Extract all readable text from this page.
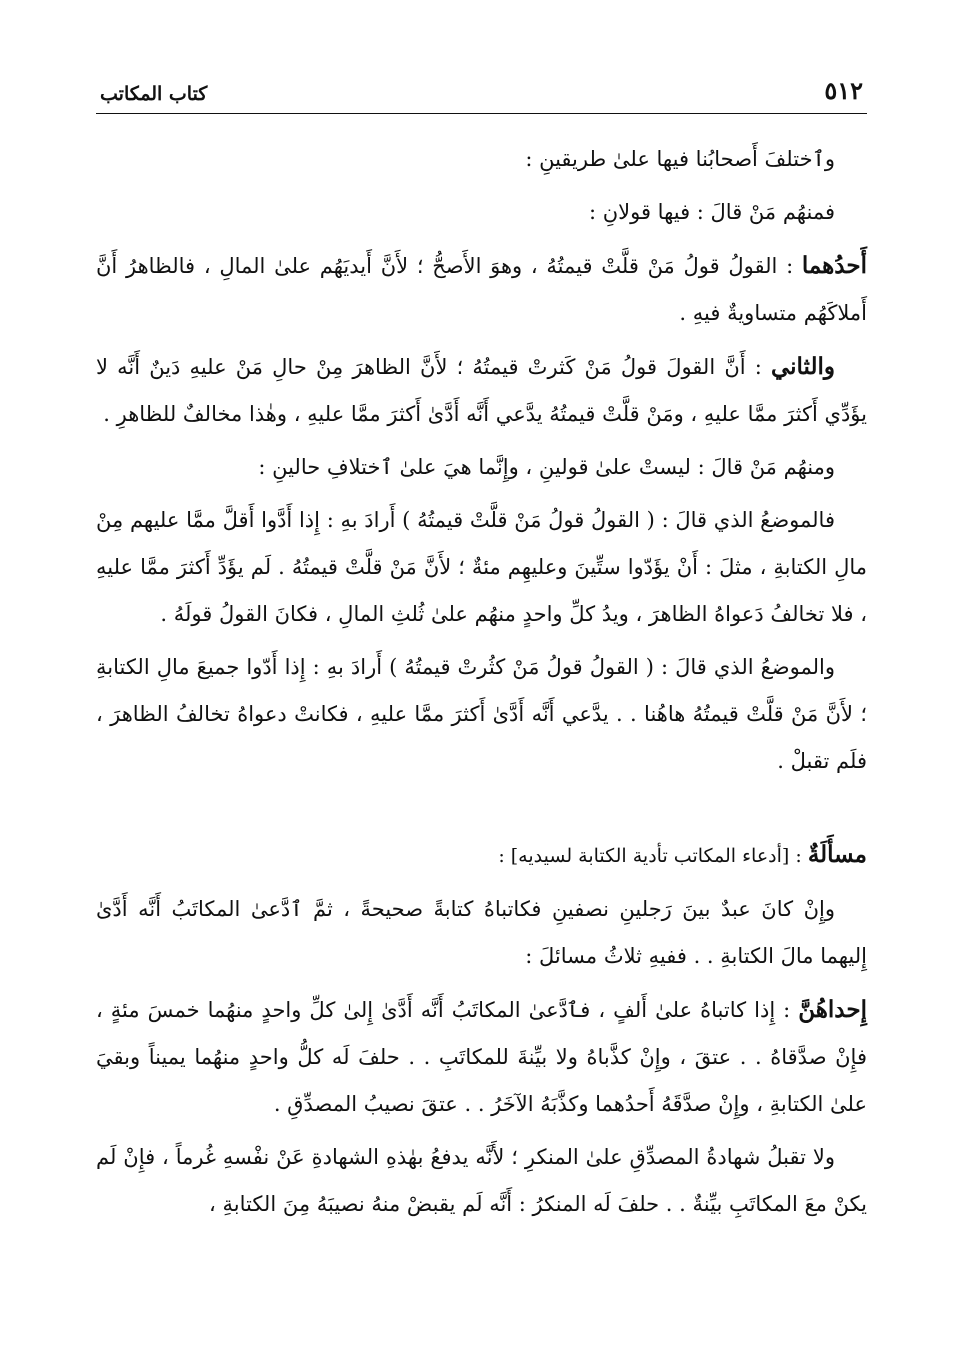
٥١٢
كتاب المكاتب

وٱختلفَ أَصحابُنا فيها علىٰ طريقينِ :

فمنهُم مَنْ قالَ : فيها قولانِ :

أَحدُهما : القولُ قولُ مَنْ قلَّتْ قيمتُهُ ، وهوَ الأَصحُّ ؛ لأَنَّ أَيديَهُم علىٰ المالِ ، فالظاهرُ أَنَّ أَملاكَهُم متساويةٌ فيهِ .

والثاني : أَنَّ القولَ قولُ مَنْ كَثرتْ قيمتُهُ ؛ لأَنَّ الظاهرَ مِنْ حالِ مَنْ عليهِ دَينٌ أَنَّه لا يؤَدِّي أَكثرَ ممَّا عليهِ ، ومَنْ قلَّتْ قيمتُهُ يدَّعي أَنَّه أَدَّىٰ أَكثرَ ممَّا عليهِ ، وهٰذا مخالفٌ للظاهرِ .

ومنهُم مَنْ قالَ : ليستْ علىٰ قولينِ ، وإِنَّما هيَ علىٰ ٱختلافِ حالينِ :

فالموضعُ الذي قالَ : ( القولُ قولُ مَنْ قلَّتْ قيمتُهُ ) أَرادَ بهِ : إِذا أَدَّوا أَقلَّ ممَّا عليهم مِنْ مالِ الكتابةِ ، مثلَ : أَنْ يؤَدّوا ستِّينَ وعليهِم مئةٌ ؛ لأَنَّ مَنْ قلَّتْ قيمتُهُ . لَم يؤَدِّ أَكثرَ ممَّا عليهِ ، فلا تخالفُ دَعواهُ الظاهرَ ، ويدُ كلِّ واحدٍ منهُم علىٰ ثُلثِ المالِ ، فكانَ القولُ قولَهُ .

والموضعُ الذي قالَ : ( القولُ قولُ مَنْ كثُرتْ قيمتُهُ ) أَرادَ بهِ : إِذا أَدّوا جميعَ مالِ الكتابةِ ؛ لأَنَّ مَنْ قلَّتْ قيمتُهُ هاهُنا . . يدَّعي أَنَّه أَدَّىٰ أَكثرَ ممَّا عليهِ ، فكانتْ دعواهُ تخالفُ الظاهرَ ، فلَم تقبلْ .

مسأَلَةٌ : [أدعاء المكاتب تأدية الكتابة لسيديه] :

وإِنْ كانَ عبدٌ بينَ رَجلينِ نصفينِ فكاتباهُ كتابةً صحيحةً ، ثمَّ ٱدَّعىٰ المكاتَبُ أَنَّه أَدَّىٰ إِليهما مالَ الكتابةِ . . ففيهِ ثلاثُ مسائلَ :

إِحداهُنَّ : إِذا كاتباهُ علىٰ أَلفٍ ، فٱدَّعىٰ المكاتَبُ أَنَّه أَدَّىٰ إِلىٰ كلِّ واحدٍ منهُما خمسَ مئةٍ ، فإِنْ صدَّقاهُ . . عتقَ ، وإِنْ كذَّباهُ ولا بيِّنةَ للمكاتَبِ . . حلفَ لَه كلُّ واحدٍ منهُما يميناً وبقيَ علىٰ الكتابةِ ، وإِنْ صدَّقَهُ أَحدُهما وكذَّبَهُ الآخَرُ . . عتقَ نصيبُ المصدِّقِ .

ولا تقبلُ شهادةُ المصدِّقِ علىٰ المنكرِ ؛ لأَنَّه يدفعُ بهٰذهِ الشهادةِ عَنْ نفْسهِ غُرماً ، فإِنْ لَم يكنْ معَ المكاتَبِ بيِّنةٌ . . حلفَ لَه المنكرُ : أَنَّه لَم يقبضْ منهُ نصيبَهُ مِنَ الكتابةِ ،
